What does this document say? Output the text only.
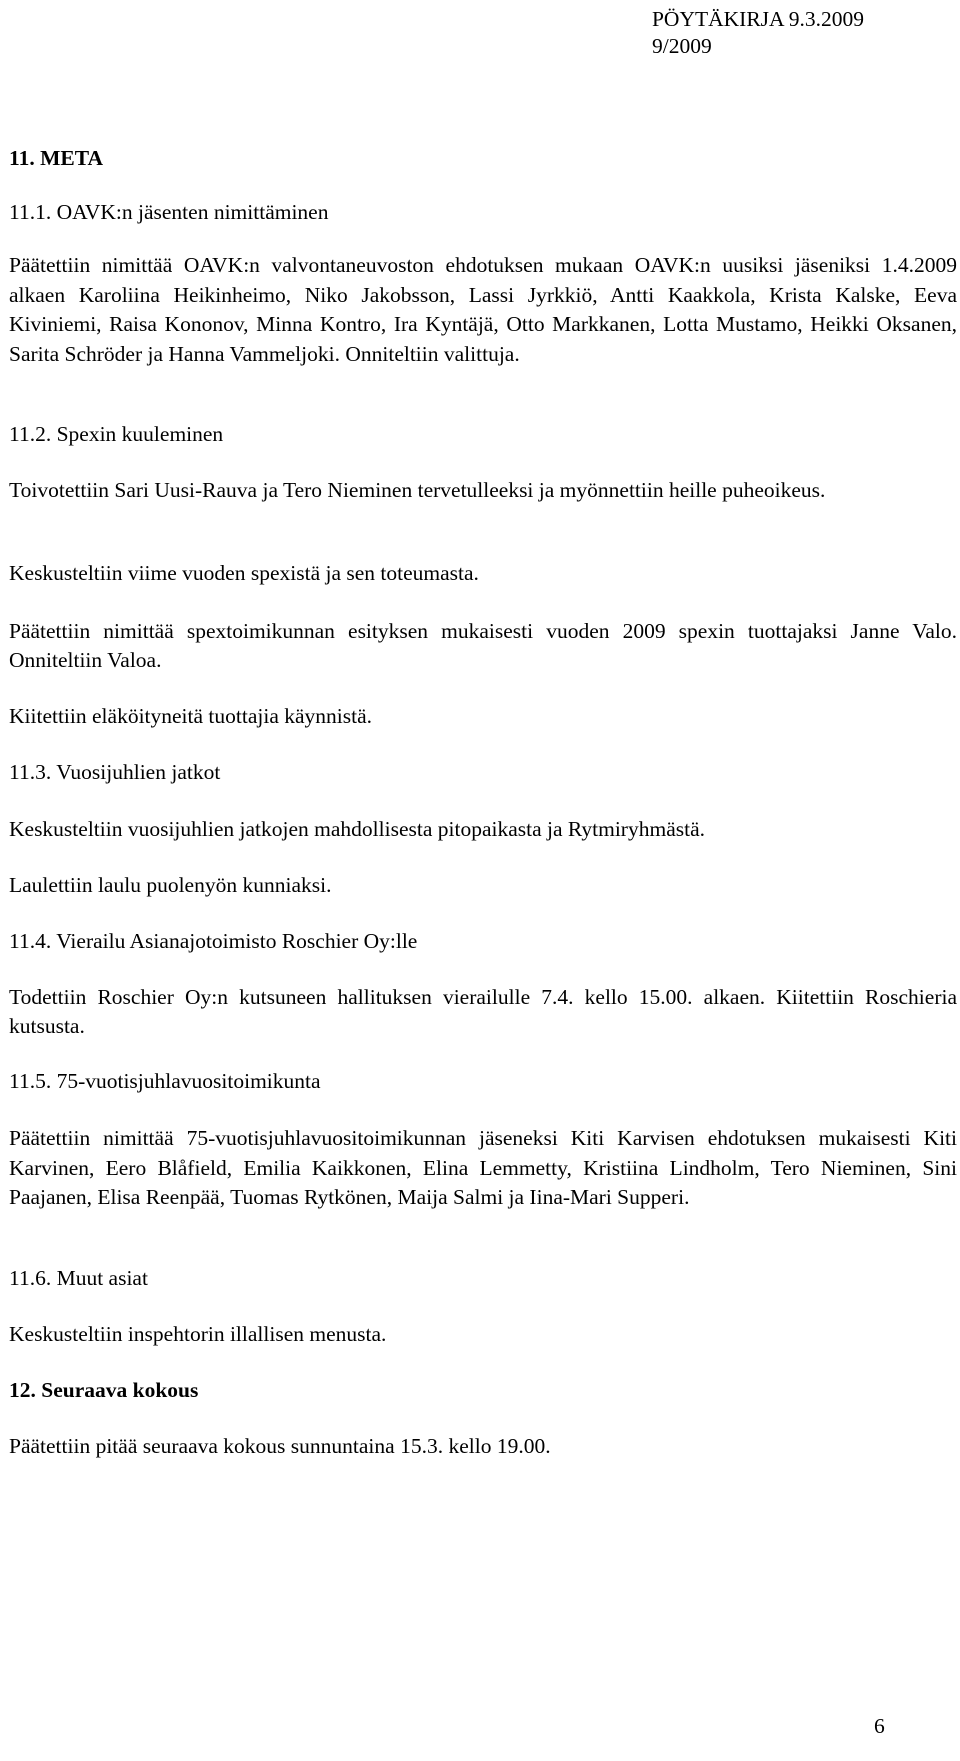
PÖYTÄKIRJA 9.3.2009
9/2009
11. META
11.1. OAVK:n jäsenten nimittäminen
Päätettiin nimittää OAVK:n valvontaneuvoston ehdotuksen mukaan OAVK:n uusiksi jäseniksi 1.4.2009 alkaen Karoliina Heikinheimo, Niko Jakobsson, Lassi Jyrkkiö, Antti Kaakkola, Krista Kalske, Eeva Kiviniemi, Raisa Kononov, Minna Kontro, Ira Kyntäjä, Otto Markkanen, Lotta Mustamo, Heikki Oksanen, Sarita Schröder ja Hanna Vammeljoki. Onniteltiin valittuja.
11.2. Spexin kuuleminen
Toivotettiin Sari Uusi-Rauva ja Tero Nieminen tervetulleeksi ja myönnettiin heille puheoikeus.
Keskusteltiin viime vuoden spexistä ja sen toteumasta.
Päätettiin nimittää spextoimikunnan esityksen mukaisesti vuoden 2009 spexin tuottajaksi Janne Valo. Onniteltiin Valoa.
Kiitettiin eläköityneitä tuottajia käynnistä.
11.3. Vuosijuhlien jatkot
Keskusteltiin vuosijuhlien jatkojen mahdollisesta pitopaikasta ja Rytmiryhmästä.
Laulettiin laulu puolenyön kunniaksi.
11.4. Vierailu Asianajotoimisto Roschier Oy:lle
Todettiin Roschier Oy:n kutsuneen hallituksen vierailulle 7.4. kello 15.00. alkaen. Kiitettiin Roschieria kutsusta.
11.5. 75-vuotisjuhlavuositoimikunta
Päätettiin nimittää 75-vuotisjuhlavuositoimikunnan jäseneksi Kiti Karvisen ehdotuksen mukaisesti Kiti Karvinen, Eero Blåfield, Emilia Kaikkonen, Elina Lemmetty, Kristiina Lindholm, Tero Nieminen, Sini Paajanen, Elisa Reenpää, Tuomas Rytkönen, Maija Salmi ja Iina-Mari Supperi.
11.6. Muut asiat
Keskusteltiin inspehtorin illallisen menusta.
12. Seuraava kokous
Päätettiin pitää seuraava kokous sunnuntaina 15.3. kello 19.00.
6
